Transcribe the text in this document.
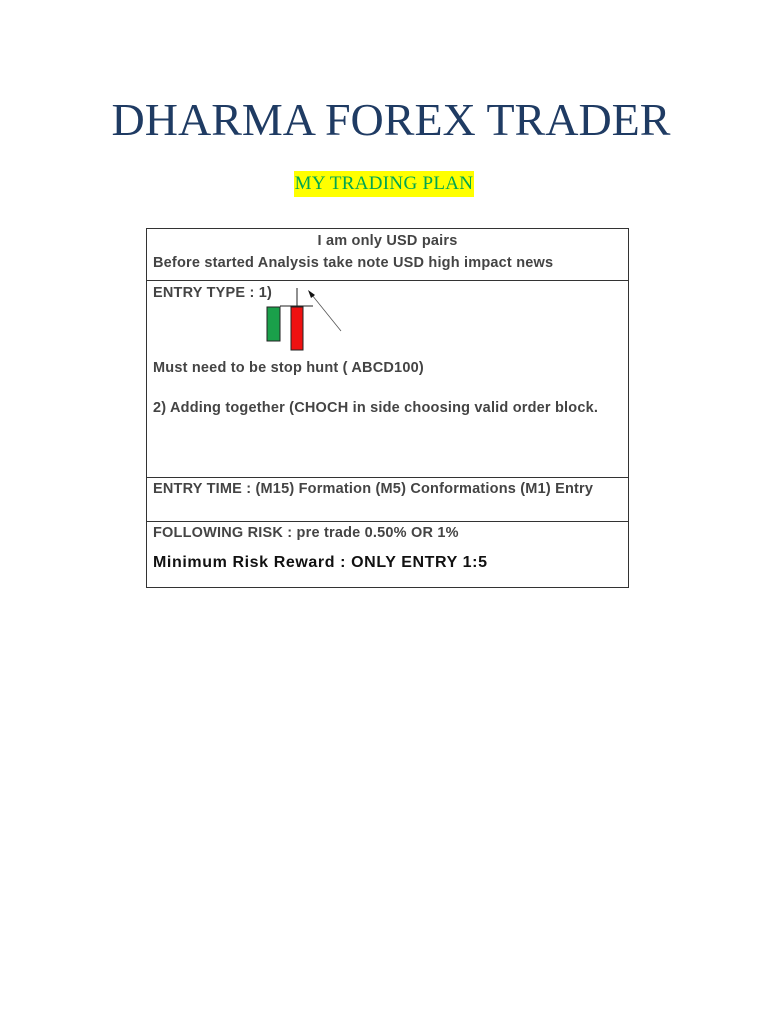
DHARMA FOREX TRADER
MY TRADING PLAN
I am only USD pairs
Before started Analysis take note USD high impact news
ENTRY TYPE : 1)
Must need to be stop hunt ( ABCD100)
2) Adding together (CHOCH in side choosing valid order block.
ENTRY TIME : (M15) Formation (M5) Conformations (M1) Entry
FOLLOWING RISK : pre trade 0.50% OR 1%
Minimum Risk Reward : ONLY ENTRY 1:5
